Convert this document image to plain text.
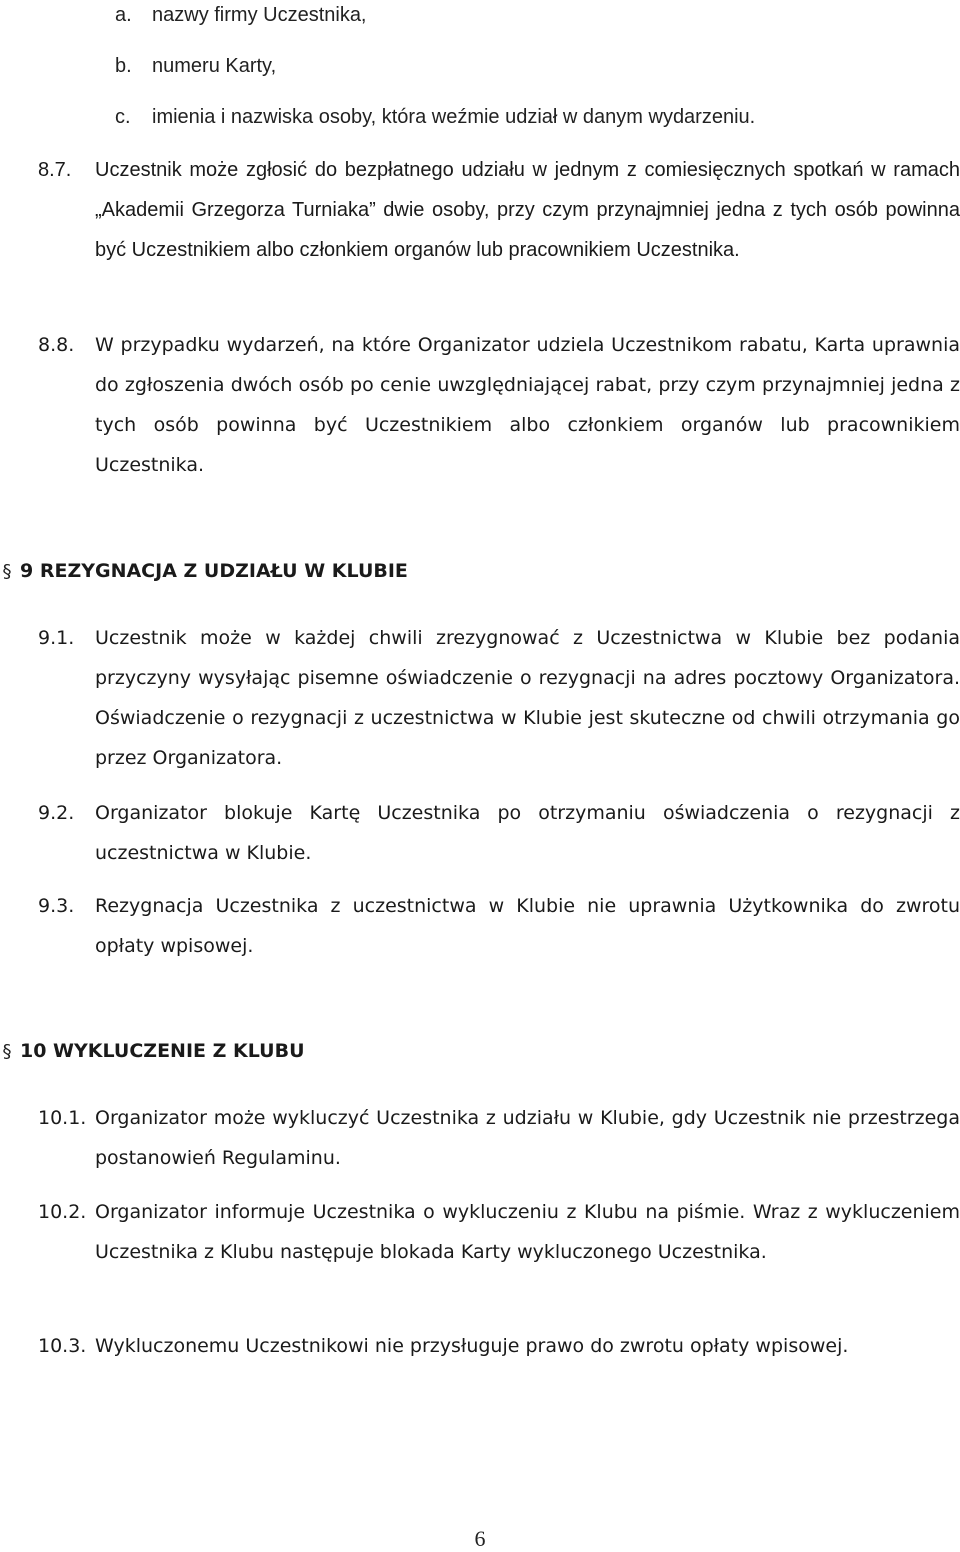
a.	nazwy firmy Uczestnika,
b.	numeru Karty,
c.	imienia i nazwiska osoby, która weźmie udział w danym wydarzeniu.
8.7.	Uczestnik może zgłosić do bezpłatnego udziału w jednym z comiesięcznych spotkań w ramach „Akademii Grzegorza Turniaka” dwie osoby, przy czym przynajmniej jedna z tych osób powinna być Uczestnikiem albo członkiem organów lub pracownikiem Uczestnika.
8.8.	W przypadku wydarzeń, na które Organizator udziela Uczestnikom rabatu, Karta uprawnia do zgłoszenia dwóch osób po cenie uwzględniającej rabat, przy czym przynajmniej jedna z tych osób powinna być Uczestnikiem albo członkiem organów lub pracownikiem Uczestnika.
§ 9 REZYGNACJA Z UDZIAŁU W KLUBIE
9.1.	Uczestnik może w każdej chwili zrezygnować z Uczestnictwa w Klubie bez podania przyczyny wysyłając pisemne oświadczenie o rezygnacji na adres pocztowy Organizatora. Oświadczenie o rezygnacji z uczestnictwa w Klubie jest skuteczne od chwili otrzymania go przez Organizatora.
9.2.	Organizator blokuje Kartę Uczestnika po otrzymaniu oświadczenia o rezygnacji z uczestnictwa w Klubie.
9.3.	Rezygnacja Uczestnika z uczestnictwa w Klubie nie uprawnia Użytkownika do zwrotu opłaty wpisowej.
§ 10 WYKLUCZENIE Z KLUBU
10.1. Organizator może wykluczyć Uczestnika z udziału w Klubie, gdy Uczestnik nie przestrzega postanowień Regulaminu.
10.2. Organizator informuje Uczestnika o wykluczeniu z Klubu na piśmie. Wraz z wykluczeniem Uczestnika z Klubu następuje blokada Karty wykluczonego Uczestnika.
10.3. Wykluczonemu Uczestnikowi nie przysługuje prawo do zwrotu opłaty wpisowej.
6
